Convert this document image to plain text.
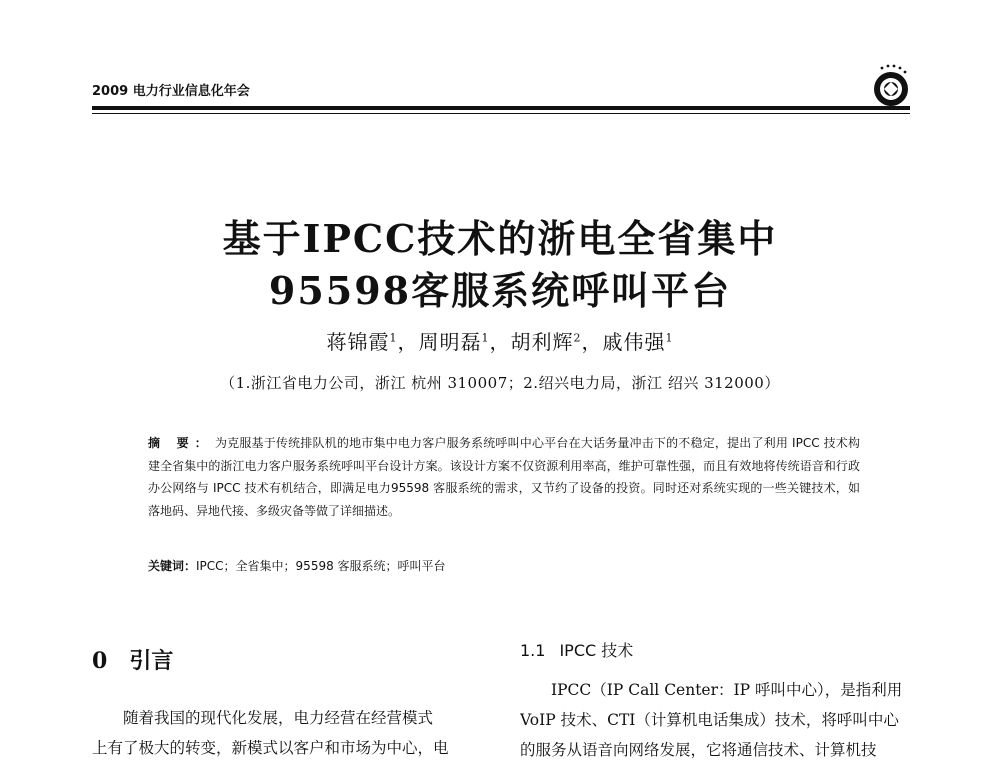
2009 电力行业信息化年会
基于IPCC技术的浙电全省集中
95598客服系统呼叫平台
蒋锦霞$^1$，周明磊$^1$，胡利辉$^2$，戚伟强$^1$
（1.浙江省电力公司，浙江 杭州 310007；2.绍兴电力局，浙江 绍兴 312000）
摘 要： 为克服基于传统排队机的地市集中电力客户服务系统呼叫中心平台在大话务量冲击下的不稳定，提出了利用 IPCC 技术构建全省集中的浙江电力客户服务系统呼叫平台设计方案。该设计方案不仅资源利用率高，维护可靠性强，而且有效地将传统语音和行政办公网络与 IPCC 技术有机结合，即满足电力95598 客服系统的需求，又节约了设备的投资。同时还对系统实现的一些关键技术，如落地码、异地代接、多级灾备等做了详细描述。
关键词：IPCC；全省集中；95598 客服系统；呼叫平台
0 引言
随着我国的现代化发展，电力经营在经营模式
上有了极大的转变，新模式以客户和市场为中心，电
1.1 IPCC 技术
IPCC（IP Call Center：IP 呼叫中心），是指利用
VoIP 技术、CTI（计算机电话集成）技术，将呼叫中心
的服务从语音向网络发展，它将通信技术、计算机技
